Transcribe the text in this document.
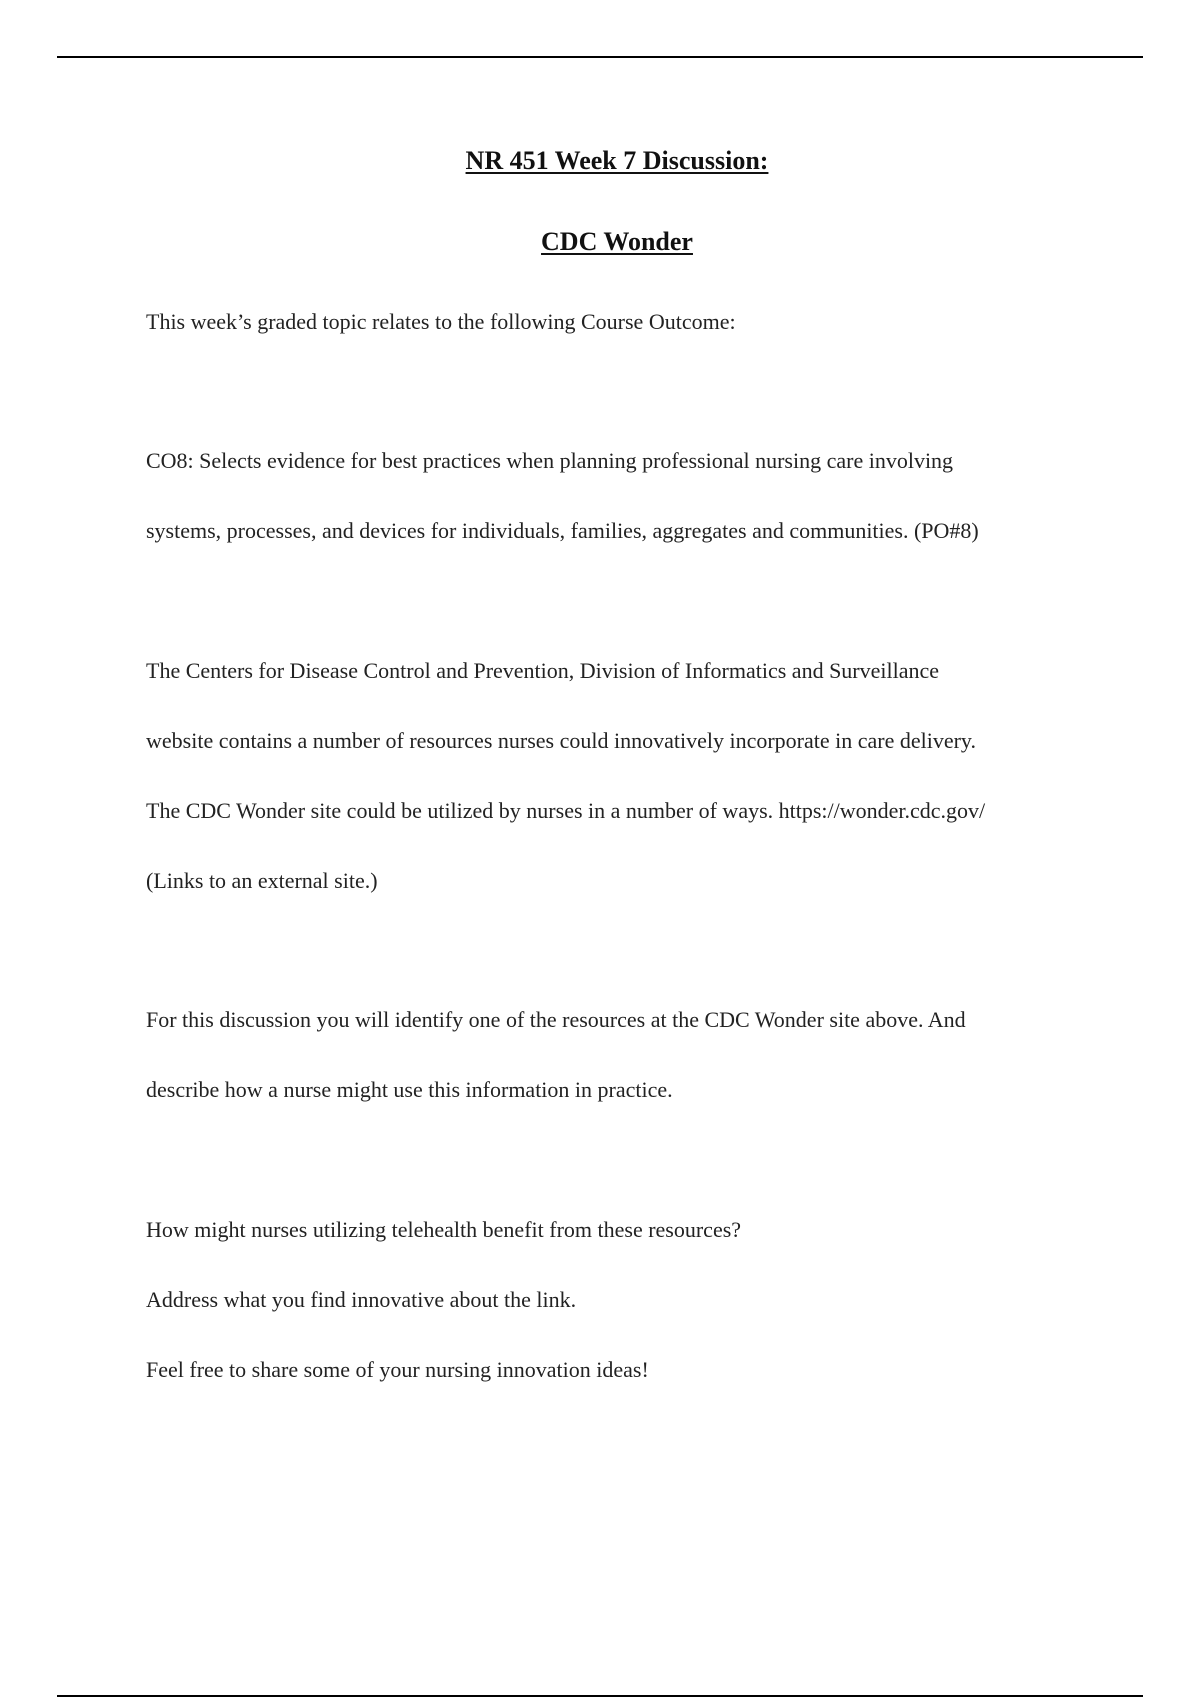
NR 451 Week 7 Discussion:
CDC Wonder

This week’s graded topic relates to the following Course Outcome:

CO8: Selects evidence for best practices when planning professional nursing care involving
systems, processes, and devices for individuals, families, aggregates and communities. (PO#8)

The Centers for Disease Control and Prevention, Division of Informatics and Surveillance
website contains a number of resources nurses could innovatively incorporate in care delivery.
The CDC Wonder site could be utilized by nurses in a number of ways. https://wonder.cdc.gov/
(Links to an external site.)

For this discussion you will identify one of the resources at the CDC Wonder site above. And
describe how a nurse might use this information in practice.

How might nurses utilizing telehealth benefit from these resources?
Address what you find innovative about the link.
Feel free to share some of your nursing innovation ideas!
